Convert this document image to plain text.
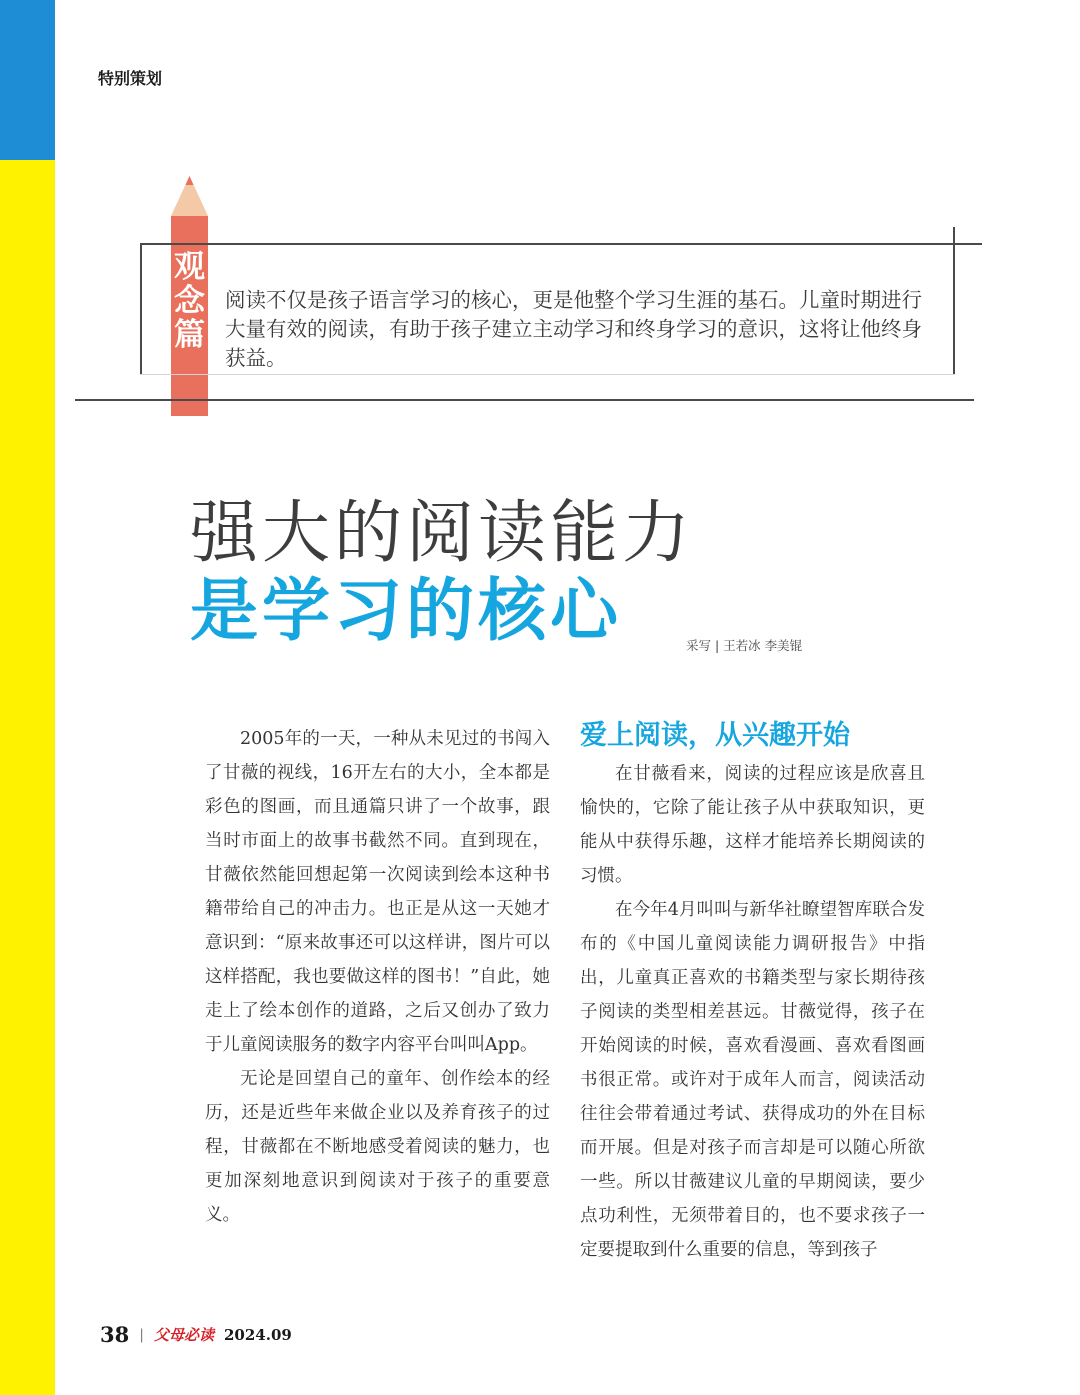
特别策划
观
念
篇
阅读不仅是孩子语言学习的核心，更是他整个学习生涯的基石。儿童时期进行大量有效的阅读，有助于孩子建立主动学习和终身学习的意识，这将让他终身获益。
强大的阅读能力
是学习的核心	采写 | 王若冰 李美锟

2005年的一天，一种从未见过的书闯入了甘薇的视线，16开左右的大小，全本都是彩色的图画，而且通篇只讲了一个故事，跟当时市面上的故事书截然不同。直到现在，甘薇依然能回想起第一次阅读到绘本这种书籍带给自己的冲击力。也正是从这一天她才意识到：“原来故事还可以这样讲，图片可以这样搭配，我也要做这样的图书！”自此，她走上了绘本创作的道路，之后又创办了致力于儿童阅读服务的数字内容平台叫叫App。

无论是回望自己的童年、创作绘本的经历，还是近些年来做企业以及养育孩子的过程，甘薇都在不断地感受着阅读的魅力，也更加深刻地意识到阅读对于孩子的重要意义。

爱上阅读，从兴趣开始

在甘薇看来，阅读的过程应该是欣喜且愉快的，它除了能让孩子从中获取知识，更能从中获得乐趣，这样才能培养长期阅读的习惯。

在今年4月叫叫与新华社瞭望智库联合发布的《中国儿童阅读能力调研报告》中指出，儿童真正喜欢的书籍类型与家长期待孩子阅读的类型相差甚远。甘薇觉得，孩子在开始阅读的时候，喜欢看漫画、喜欢看图画书很正常。或许对于成年人而言，阅读活动往往会带着通过考试、获得成功的外在目标而开展。但是对孩子而言却是可以随心所欲一些。所以甘薇建议儿童的早期阅读，要少点功利性，无须带着目的，也不要求孩子一定要提取到什么重要的信息，等到孩子

38 | 父母必读 2024.09
